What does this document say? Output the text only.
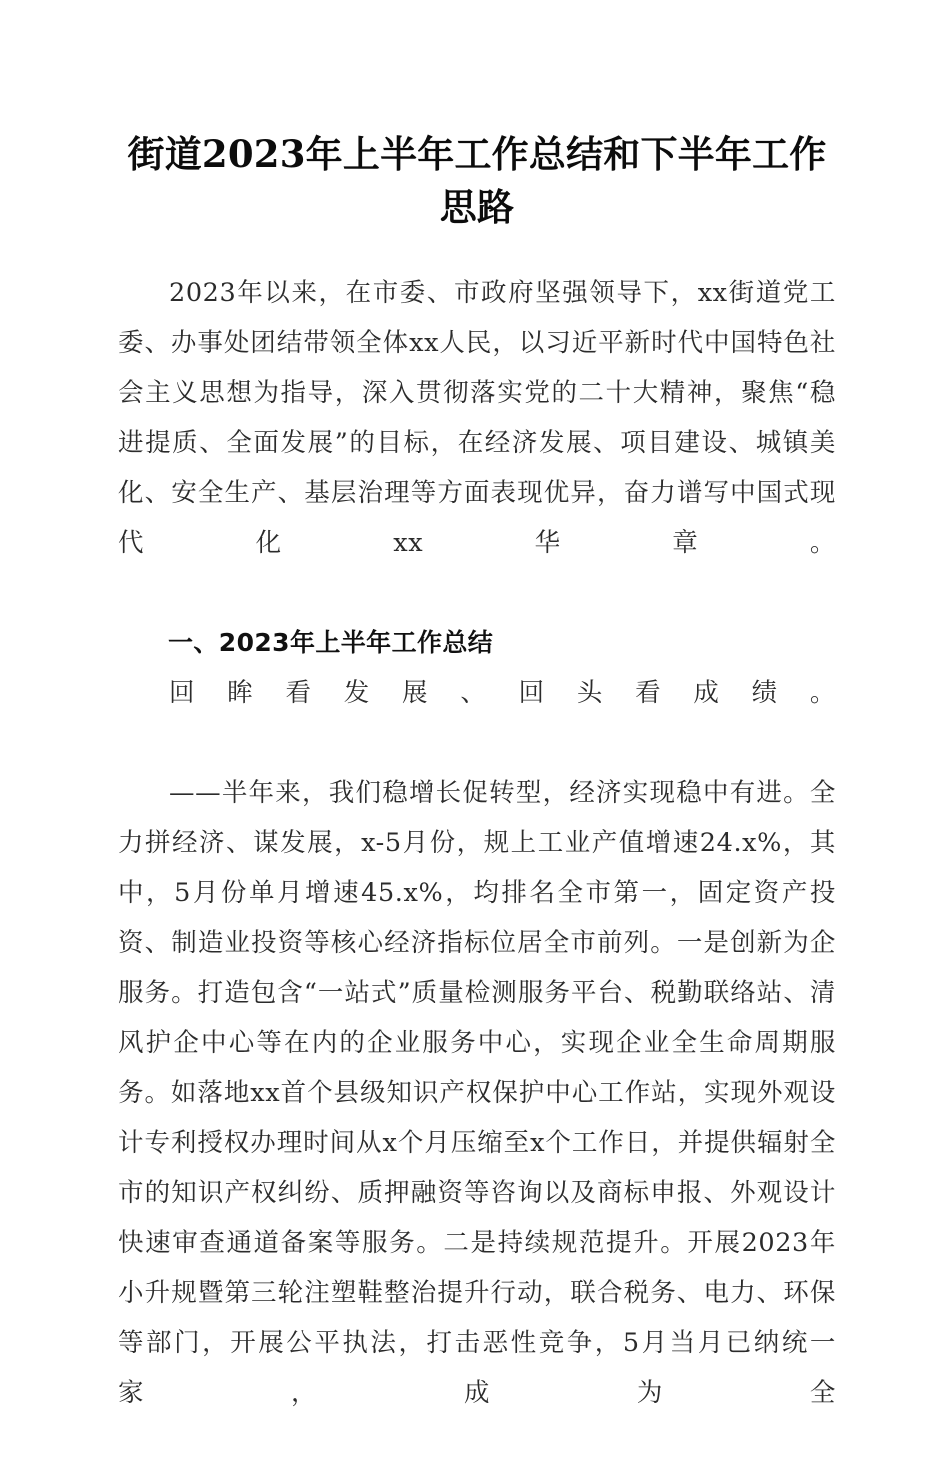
街道2023年上半年工作总结和下半年工作思路

2023年以来，在市委、市政府坚强领导下，xx街道党工委、办事处团结带领全体xx人民，以习近平新时代中国特色社会主义思想为指导，深入贯彻落实党的二十大精神，聚焦“稳进提质、全面发展”的目标，在经济发展、项目建设、城镇美化、安全生产、基层治理等方面表现优异，奋力谱写中国式现代化xx华章。

一、2023年上半年工作总结

回眸看发展、回头看成绩。

——半年来，我们稳增长促转型，经济实现稳中有进。全力拼经济、谋发展，x-5月份，规上工业产值增速24.x%，其中，5月份单月增速45.x%，均排名全市第一，固定资产投资、制造业投资等核心经济指标位居全市前列。一是创新为企服务。打造包含“一站式”质量检测服务平台、税勤联络站、清风护企中心等在内的企业服务中心，实现企业全生命周期服务。如落地xx首个县级知识产权保护中心工作站，实现外观设计专利授权办理时间从x个月压缩至x个工作日，并提供辐射全市的知识产权纠纷、质押融资等咨询以及商标申报、外观设计快速审查通道备案等服务。二是持续规范提升。开展2023年小升规暨第三轮注塑鞋整治提升行动，联合税务、电力、环保等部门，开展公平执法，打击恶性竞争，5月当月已纳统一家，成为全
